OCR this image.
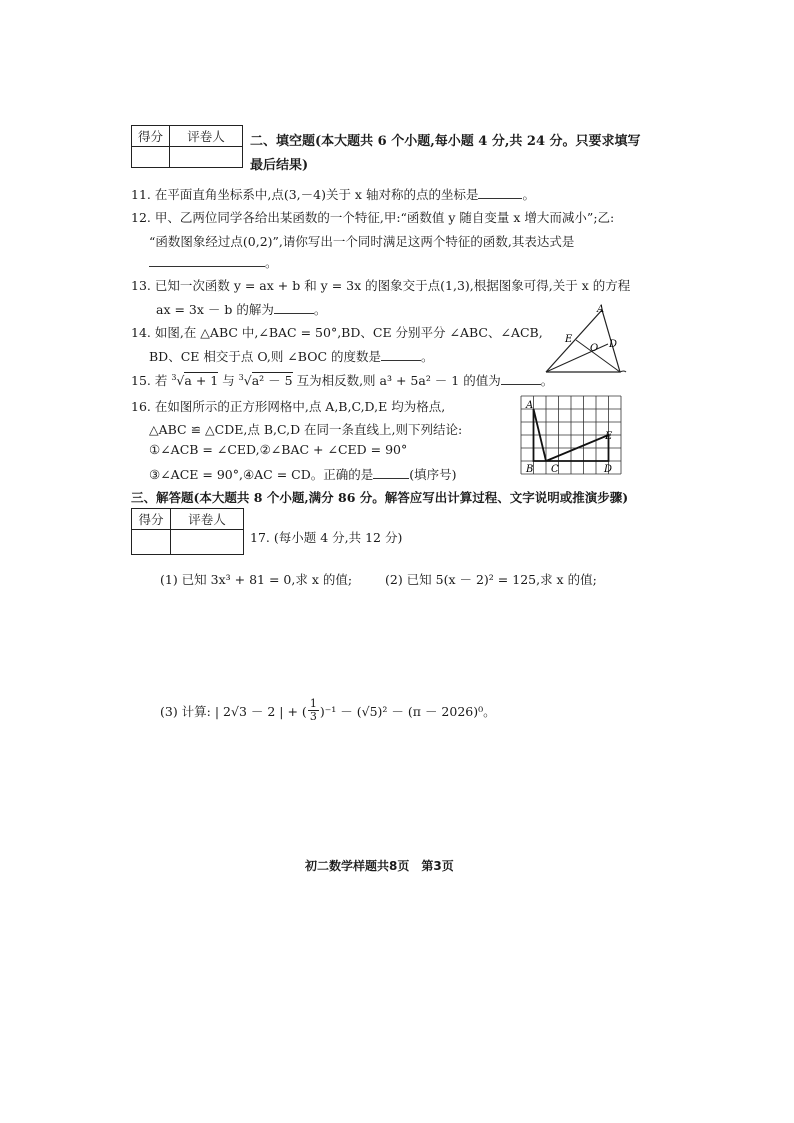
得分	评卷人
	二、填空题(本大题共 6 个小题,每小题 4 分,共 24 分。只要求填写
最后结果)
11. 在平面直角坐标系中,点(3,－4)关于 x 轴对称的点的坐标是	。
12. 甲、乙两位同学各给出某函数的一个特征,甲:“函数值 y 随自变量 x 增大而减小”;乙:
“函数图象经过点(0,2)”,请你写出一个同时满足这两个特征的函数,其表达式是
。
13. 已知一次函数 y = ax + b 和 y = 3x 的图象交于点(1,3),根据图象可得,关于 x 的方程
ax = 3x － b 的解为	。
14. 如图,在 △ABC 中,∠BAC = 50°,BD、CE 分别平分 ∠ABC、∠ACB,
BD、CE 相交于点 O,则 ∠BOC 的度数是	。
A
E
O D
15. 若 $^3$√a + 1 与 $^3$√a² － 5 互为相反数,则 a³ + 5a² － 1 的值为	。
16. 在如图所示的正方形网格中,点 A,B,C,D,E 均为格点,
△ABC ≌ △CDE,点 B,C,D 在同一条直线上,则下列结论:
①∠ACB = ∠CED,②∠BAC + ∠CED = 90°
③∠ACE = 90°,④AC = CD。正确的是	(填序号)
A
B C	D
E
三、解答题(本大题共 8 个小题,满分 86 分。解答应写出计算过程、文字说明或推演步骤)
得分	评卷人

17. (每小题 4 分,共 12 分)
(1) 已知 3x³ + 81 = 0,求 x 的值;	(2) 已知 5(x － 2)² = 125,求 x 的值;
(3) 计算: | 2√3 － 2 | + ( $\frac{1}{3} )^{-1} - (√5)^2 - (\pi - 2026)^0$。
初二数学样题共8页　第3页
